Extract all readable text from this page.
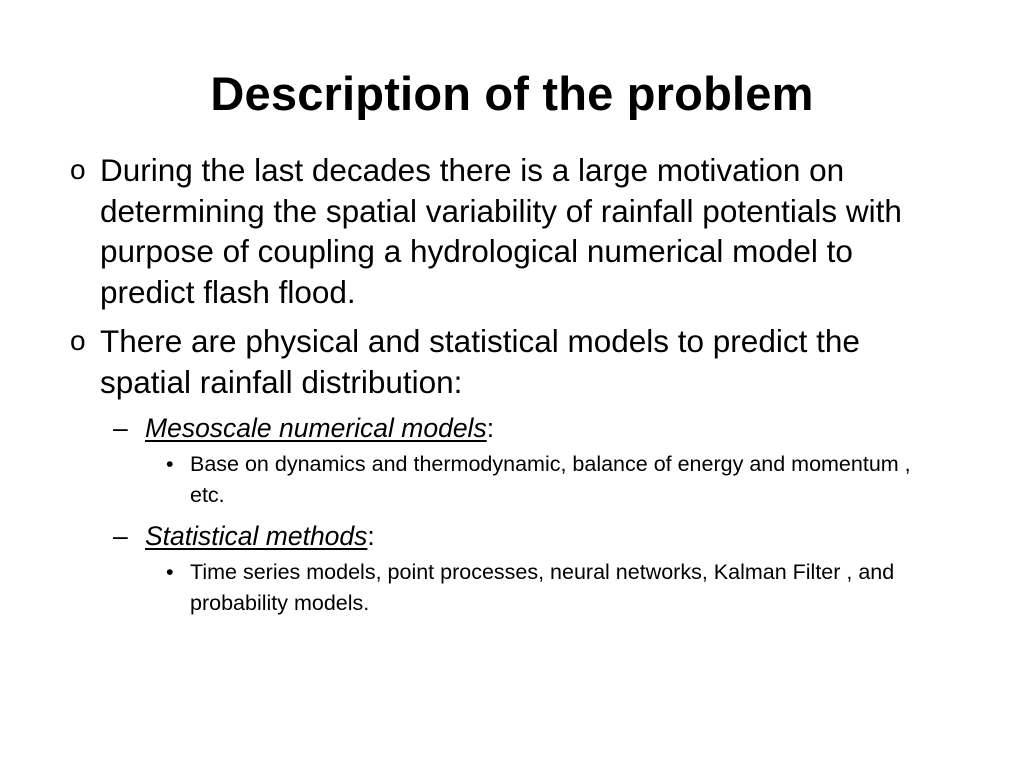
Description of the problem
o During the last decades there is a large motivation on determining the spatial variability of rainfall potentials with purpose of coupling a hydrological numerical model to predict flash flood.
o There are physical and statistical models to predict the spatial rainfall distribution:
– Mesoscale numerical models:
• Base on dynamics and thermodynamic, balance of energy and momentum , etc.
– Statistical methods:
• Time series models, point processes, neural networks, Kalman Filter , and probability models.
